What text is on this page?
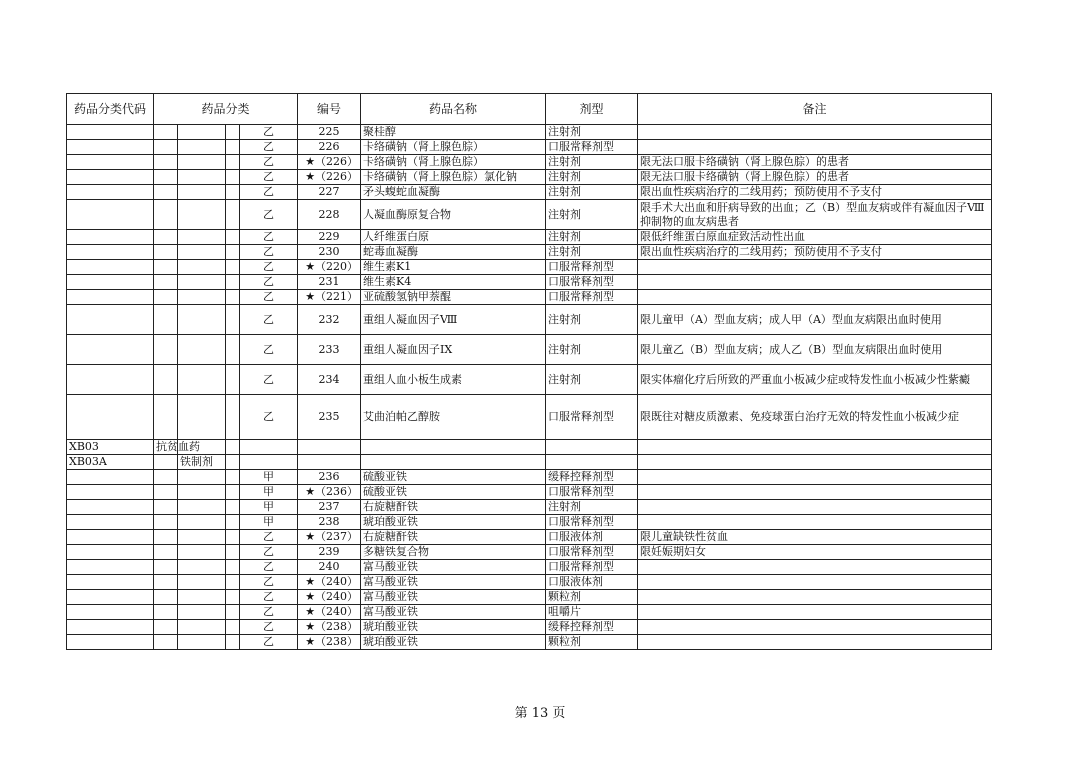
药品分类代码	药品分类				编号	药品名称	剂型	备注
				乙	225	聚桂醇	注射剂	
				乙	226	卡络磺钠（肾上腺色腙）	口服常释剂型	
				乙	★（226）	卡络磺钠（肾上腺色腙）	注射剂	限无法口服卡络磺钠（肾上腺色腙）的患者
				乙	★（226）	卡络磺钠（肾上腺色腙）氯化钠	注射剂	限无法口服卡络磺钠（肾上腺色腙）的患者
				乙	227	矛头蝮蛇血凝酶	注射剂	限出血性疾病治疗的二线用药；预防使用不予支付
				乙	228	人凝血酶原复合物	注射剂	限手术大出血和肝病导致的出血；乙（B）型血友病或伴有凝血因子Ⅷ抑制物的血友病患者
				乙	229	人纤维蛋白原	注射剂	限低纤维蛋白原血症致活动性出血
				乙	230	蛇毒血凝酶	注射剂	限出血性疾病治疗的二线用药；预防使用不予支付
				乙	★（220）	维生素K1	口服常释剂型	
				乙	231	维生素K4	口服常释剂型	
				乙	★（221）	亚硫酸氢钠甲萘醌	口服常释剂型	
				乙	232	重组人凝血因子Ⅷ	注射剂	限儿童甲（A）型血友病；成人甲（A）型血友病限出血时使用
				乙	233	重组人凝血因子IX	注射剂	限儿童乙（B）型血友病；成人乙（B）型血友病限出血时使用
				乙	234	重组人血小板生成素	注射剂	限实体瘤化疗后所致的严重血小板减少症或特发性血小板减少性紫癜
				乙	235	艾曲泊帕乙醇胺	口服常释剂型	限既往对糖皮质激素、免疫球蛋白治疗无效的特发性血小板减少症
XB03	抗贫血药							
XB03A		铁制剂						
				甲	236	硫酸亚铁	缓释控释剂型	
				甲	★（236）	硫酸亚铁	口服常释剂型	
				甲	237	右旋糖酐铁	注射剂	
				甲	238	琥珀酸亚铁	口服常释剂型	
				乙	★（237）	右旋糖酐铁	口服液体剂	限儿童缺铁性贫血
				乙	239	多糖铁复合物	口服常释剂型	限妊娠期妇女
				乙	240	富马酸亚铁	口服常释剂型	
				乙	★（240）	富马酸亚铁	口服液体剂	
				乙	★（240）	富马酸亚铁	颗粒剂	
				乙	★（240）	富马酸亚铁	咀嚼片	
				乙	★（238）	琥珀酸亚铁	缓释控释剂型	
				乙	★（238）	琥珀酸亚铁	颗粒剂	
第 13 页
